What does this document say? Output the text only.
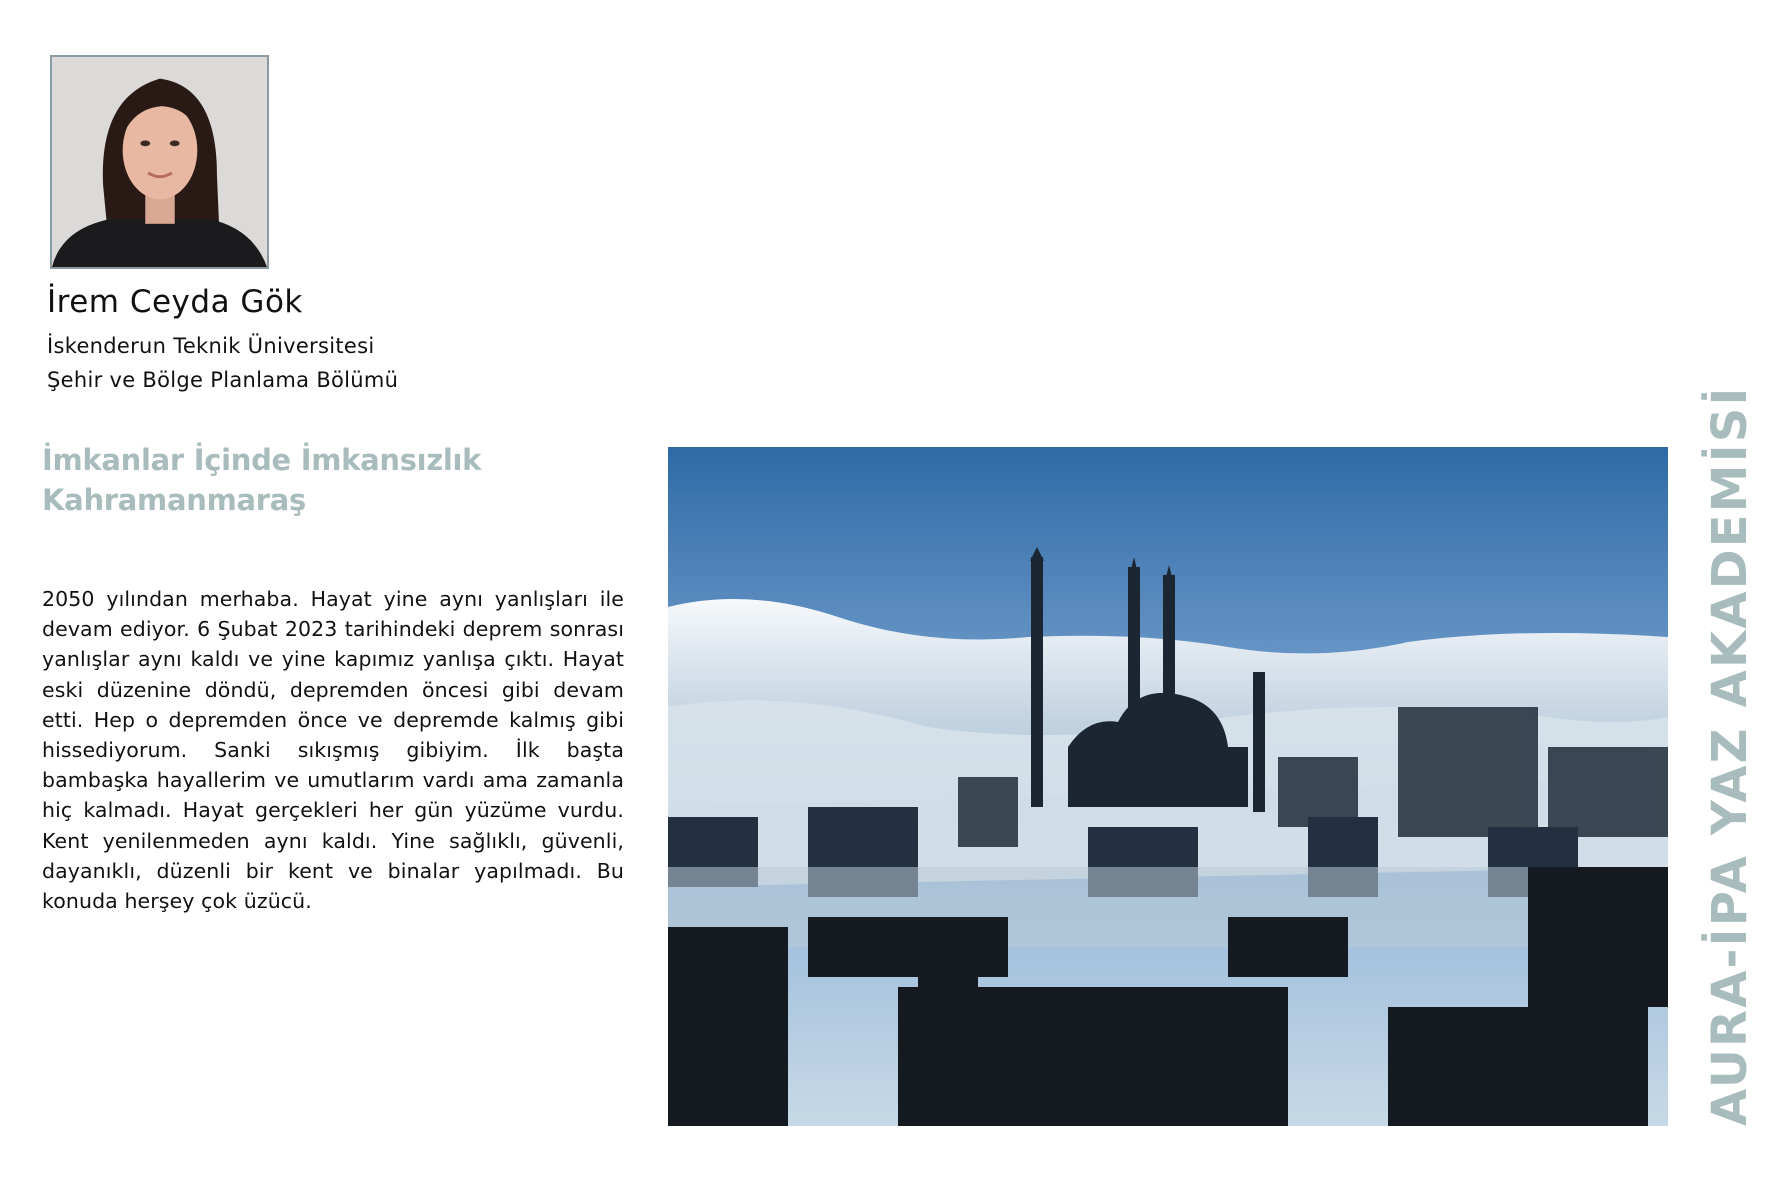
İrem Ceyda Gök
İskenderun Teknik Üniversitesi
Şehir ve Bölge Planlama Bölümü
İmkanlar İçinde İmkansızlık
Kahramanmaraş
2050 yılından merhaba. Hayat yine aynı yanlışları ile devam ediyor. 6 Şubat 2023 tarihindeki deprem sonrası yanlışlar aynı kaldı ve yine kapımız yanlışa çıktı. Hayat eski düzenine döndü, depremden öncesi gibi devam etti. Hep o depremden önce ve depremde kalmış gibi hissediyorum. Sanki sıkışmış gibiyim. İlk başta bambaşka hayallerim ve umutlarım vardı ama zamanla hiç kalmadı. Hayat gerçekleri her gün yüzüme vurdu. Kent yenilenmeden aynı kaldı. Yine sağlıklı, güvenli, dayanıklı, düzenli bir kent ve binalar yapılmadı. Bu konuda herşey çok üzücü.	AURA-İPA YAZ AKADEMİSİ
